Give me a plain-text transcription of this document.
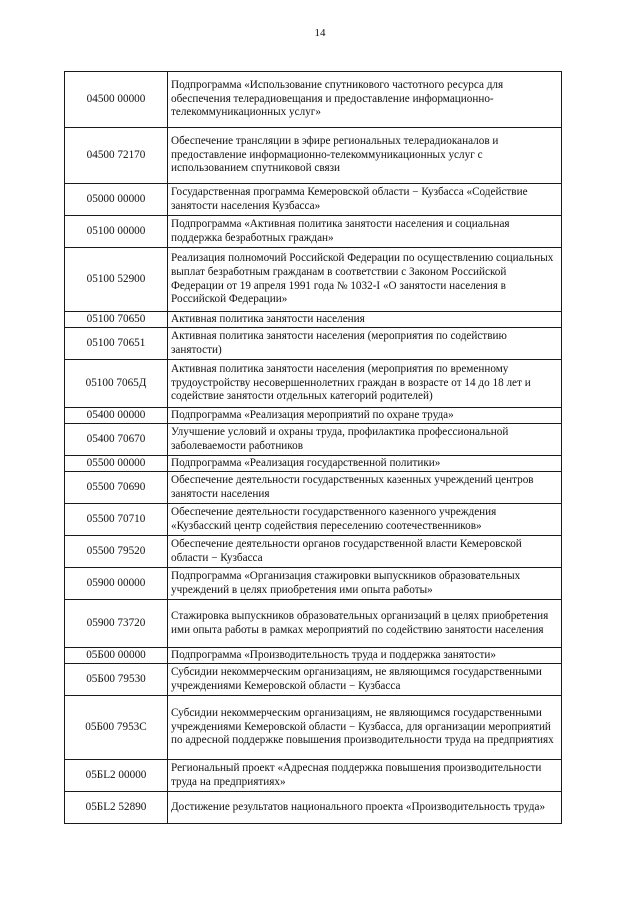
14
04500 00000	Подпрограмма «Использование спутникового частотного ресурса для обеспечения телерадиовещания и предоставление информационно-телекоммуникационных услуг»
04500 72170	Обеспечение трансляции в эфире региональных телерадиоканалов и предоставление информационно-телекоммуникационных услуг с использованием спутниковой связи
05000 00000	Государственная программа Кемеровской области − Кузбасса «Содействие занятости населения Кузбасса»
05100 00000	Подпрограмма «Активная политика занятости населения и социальная поддержка безработных граждан»
05100 52900	Реализация полномочий Российской Федерации по осуществлению социальных выплат безработным гражданам в соответствии с Законом Российской Федерации от 19 апреля 1991 года № 1032-I «О занятости населения в Российской Федерации»
05100 70650	Активная политика занятости населения
05100 70651	Активная политика занятости населения (мероприятия по содействию занятости)
05100 7065Д	Активная политика занятости населения (мероприятия по временному трудоустройству несовершеннолетних граждан в возрасте от 14 до 18 лет и содействие занятости отдельных категорий родителей)
05400 00000	Подпрограмма «Реализация мероприятий по охране труда»
05400 70670	Улучшение условий и охраны труда, профилактика профессиональной заболеваемости работников
05500 00000	Подпрограмма «Реализация государственной политики»
05500 70690	Обеспечение деятельности государственных казенных учреждений центров занятости населения
05500 70710	Обеспечение деятельности государственного казенного учреждения «Кузбасский центр содействия переселению соотечественников»
05500 79520	Обеспечение деятельности органов государственной власти Кемеровской области − Кузбасса
05900 00000	Подпрограмма «Организация стажировки выпускников образовательных учреждений в целях приобретения ими опыта работы»
05900 73720	Стажировка выпускников образовательных организаций в целях приобретения ими опыта работы в рамках мероприятий по содействию занятости населения
05Б00 00000	Подпрограмма «Производительность труда и поддержка занятости»
05Б00 79530	Субсидии некоммерческим организациям, не являющимся государственными учреждениями Кемеровской области − Кузбасса
05Б00 7953С	Субсидии некоммерческим организациям, не являющимся государственными учреждениями Кемеровской области − Кузбасса, для организации мероприятий по адресной поддержке повышения производительности труда на предприятиях
05БL2 00000	Региональный проект «Адресная поддержка повышения производительности труда на предприятиях»
05БL2 52890	Достижение результатов национального проекта «Производительность труда»
